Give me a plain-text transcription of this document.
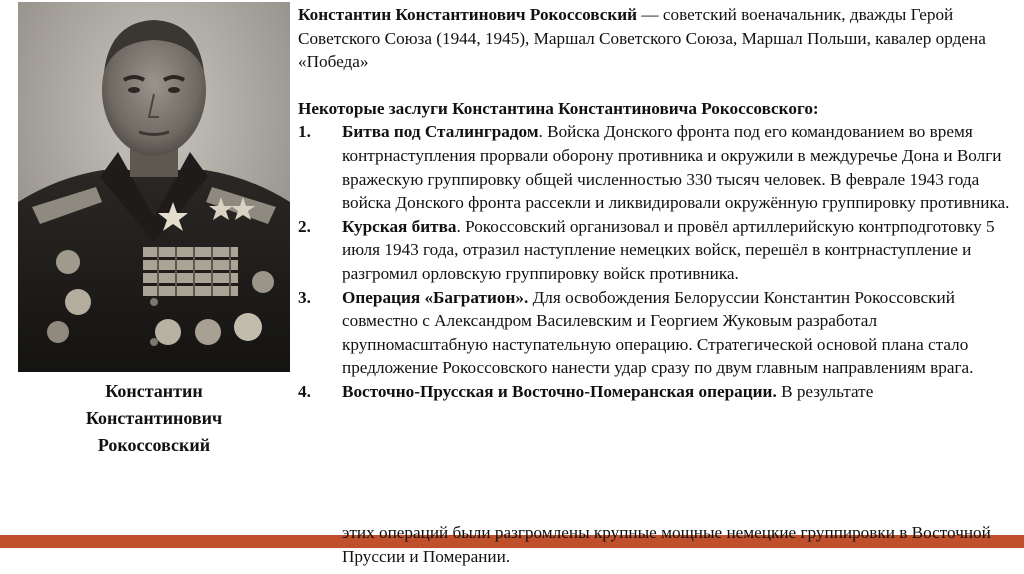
Константин
Константинович
Рокоссовский

Константин Константинович Рокоссовский — советский военачальник, дважды Герой Советского Союза (1944, 1945), Маршал Советского Союза, Маршал Польши, кавалер ордена «Победа»

Некоторые заслуги Константина Константиновича Рокоссовского:

1. Битва под Сталинградом. Войска Донского фронта под его командованием во время контрнаступления прорвали оборону противника и окружили в междуречье Дона и Волги вражескую группировку общей численностью 330 тысяч человек. В феврале 1943 года войска Донского фронта рассекли и ликвидировали окружённую группировку противника.
2. Курская битва. Рокоссовский организовал и провёл артиллерийскую контрподготовку 5 июля 1943 года, отразил наступление немецких войск, перешёл в контрнаступление и разгромил орловскую группировку войск противника.
3. Операция «Багратион». Для освобождения Белоруссии Константин Рокоссовский совместно с Александром Василевским и Георгием Жуковым разработал крупномасштабную наступательную операцию. Стратегической основой плана стало предложение Рокоссовского нанести удар сразу по двум главным направлениям врага.
4. Восточно-Прусская и Восточно-Померанская операции. В результате
этих операций были разгромлены крупные мощные немецкие группировки в Восточной Пруссии и Померании.
